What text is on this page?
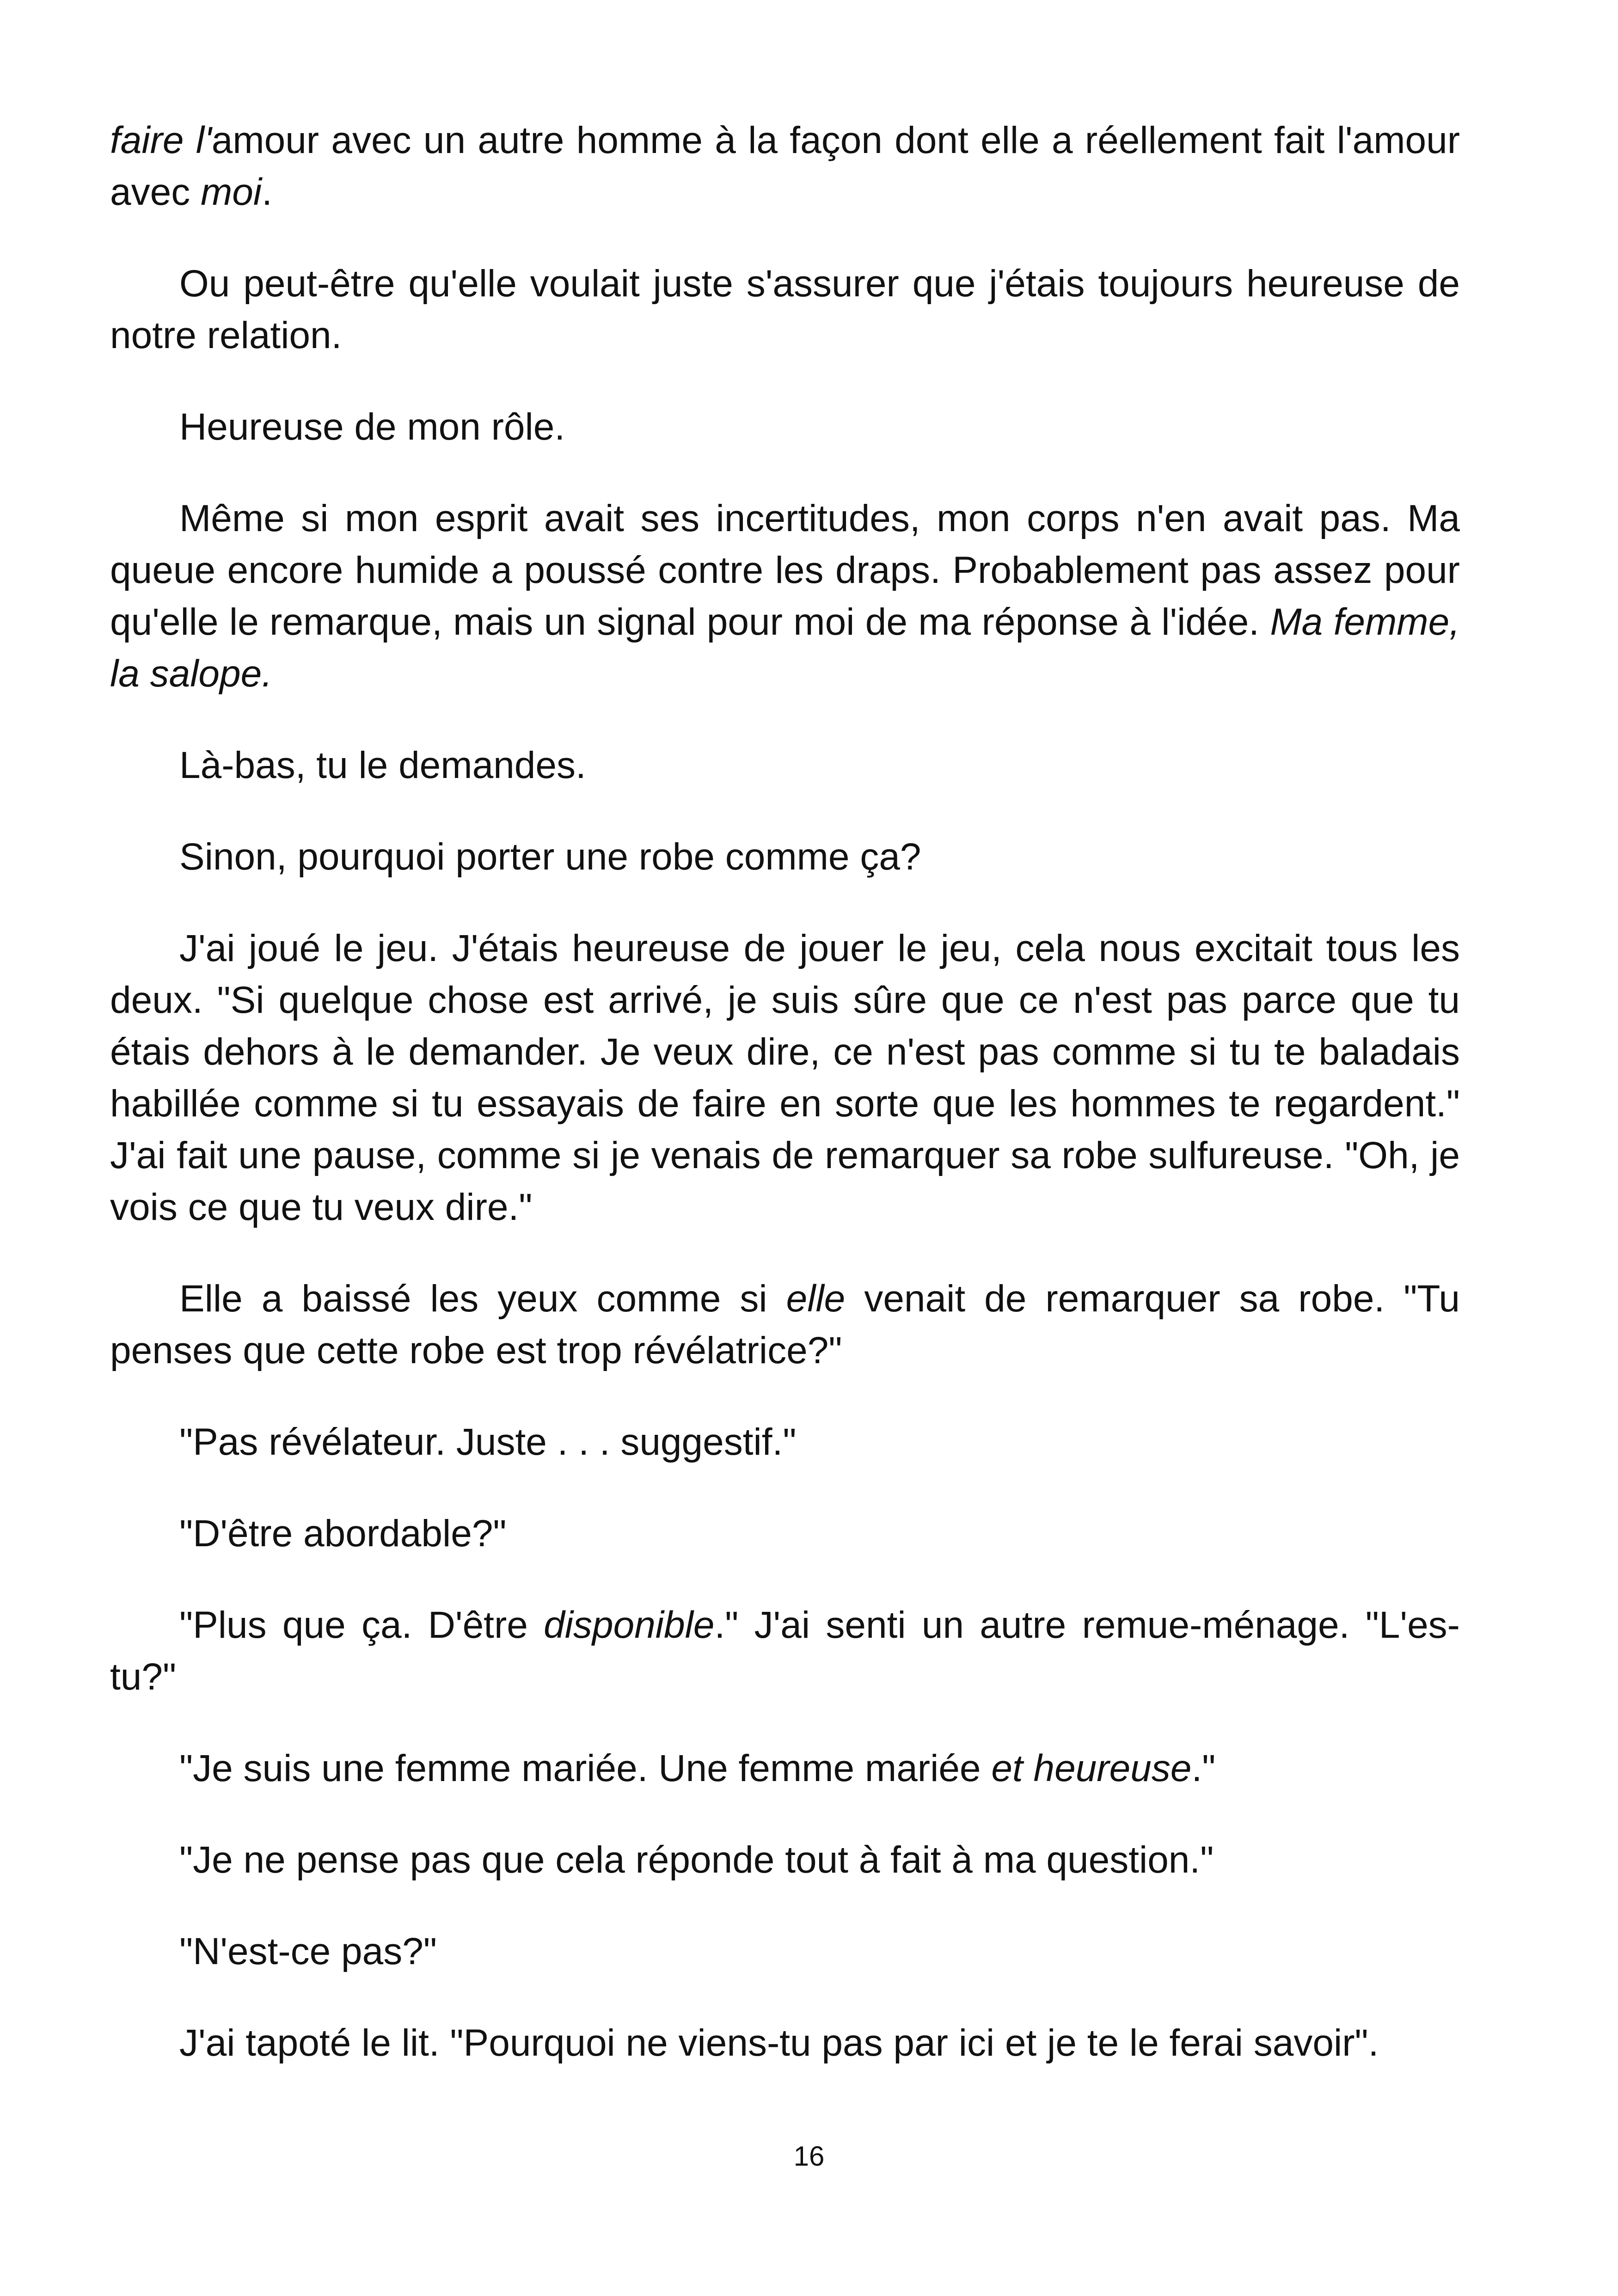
faire l'amour avec un autre homme à la façon dont elle a réellement fait l'amour avec moi.

Ou peut-être qu'elle voulait juste s'assurer que j'étais toujours heureuse de notre relation.

Heureuse de mon rôle.

Même si mon esprit avait ses incertitudes, mon corps n'en avait pas. Ma queue encore humide a poussé contre les draps. Probablement pas assez pour qu'elle le remarque, mais un signal pour moi de ma réponse à l'idée. Ma femme, la salope.

Là-bas, tu le demandes.

Sinon, pourquoi porter une robe comme ça?

J'ai joué le jeu. J'étais heureuse de jouer le jeu, cela nous excitait tous les deux. "Si quelque chose est arrivé, je suis sûre que ce n'est pas parce que tu étais dehors à le demander. Je veux dire, ce n'est pas comme si tu te baladais habillée comme si tu essayais de faire en sorte que les hommes te regardent." J'ai fait une pause, comme si je venais de remarquer sa robe sulfureuse. "Oh, je vois ce que tu veux dire."

Elle a baissé les yeux comme si elle venait de remarquer sa robe. "Tu penses que cette robe est trop révélatrice?"

"Pas révélateur. Juste . . . suggestif."

"D'être abordable?"

"Plus que ça. D'être disponible." J'ai senti un autre remue-ménage. "L'es-tu?"

"Je suis une femme mariée. Une femme mariée et heureuse."

"Je ne pense pas que cela réponde tout à fait à ma question."

"N'est-ce pas?"

J'ai tapoté le lit. "Pourquoi ne viens-tu pas par ici et je te le ferai savoir".

16
